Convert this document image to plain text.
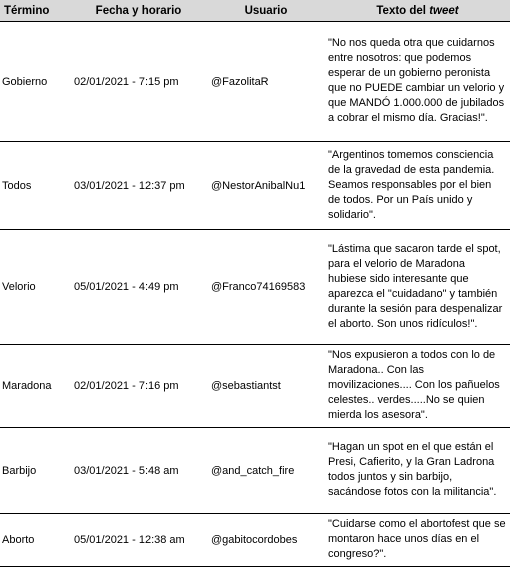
Término	Fecha y horario	Usuario	Texto del tweet
Gobierno	02/01/2021 - 7:15 pm	@FazolitaR	"No nos queda otra que cuidarnos entre nosotros: que podemos esperar de un gobierno peronista que no PUEDE cambiar un velorio y que MANDÓ 1.000.000 de jubilados a cobrar el mismo día. Gracias!".
Todos	03/01/2021 - 12:37 pm	@NestorAnibalNu1	"Argentinos tomemos consciencia de la gravedad de esta pandemia. Seamos responsables por el bien de todos. Por un País unido y solidario".
Velorio	05/01/2021 - 4:49 pm	@Franco74169583	"Lástima que sacaron tarde el spot, para el velorio de Maradona hubiese sido interesante que aparezca el "cuidadano" y también durante la sesión para despenalizar el aborto. Son unos ridículos!".
Maradona	02/01/2021 - 7:16 pm	@sebastiantst	"Nos expusieron a todos con lo de Maradona.. Con las movilizaciones.... Con los pañuelos celestes.. verdes.....No se quien mierda los asesora".
Barbijo	03/01/2021 - 5:48 am	@and_catch_fire	"Hagan un spot en el que están el Presi, Cafierito, y la Gran Ladrona todos juntos y sin barbijo, sacándose fotos con la militancia".
Aborto	05/01/2021 - 12:38 am	@gabitocordobes	"Cuidarse como el abortofest que se montaron hace unos días en el congreso?".
